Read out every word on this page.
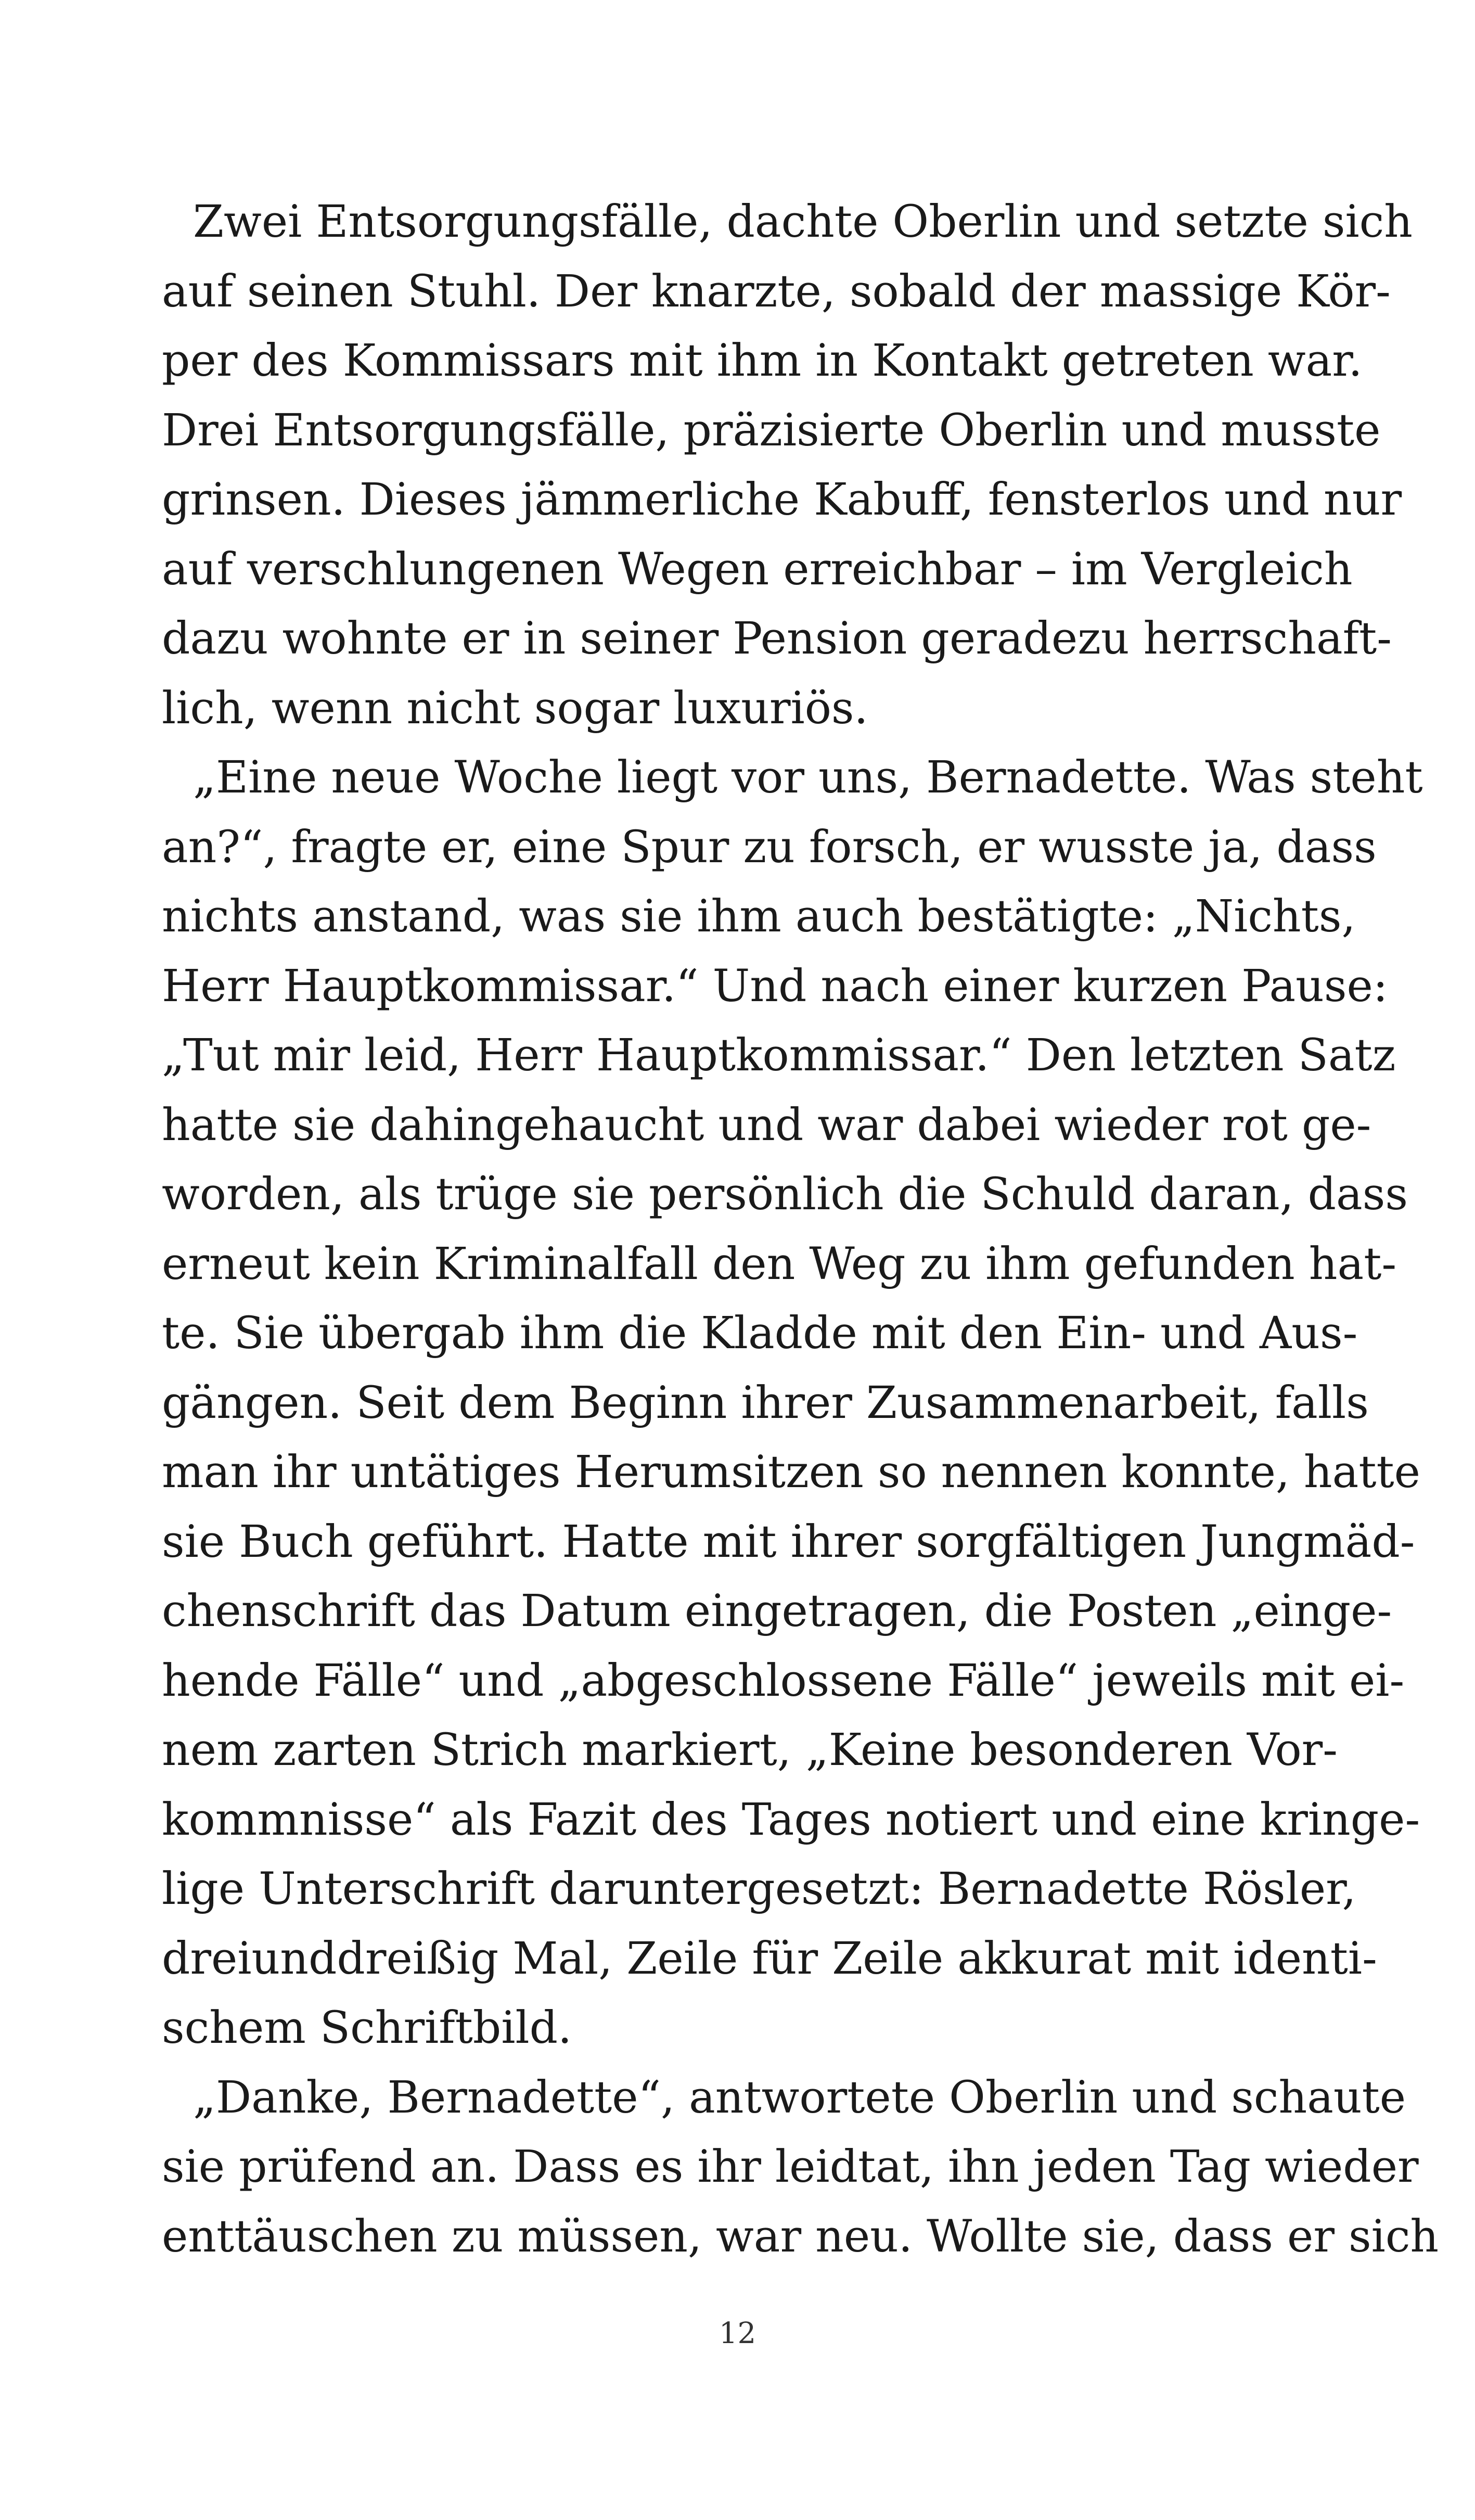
Zwei Entsorgungsfälle, dachte Oberlin und setzte sich
auf seinen Stuhl. Der knarzte, sobald der massige Kör-
per des Kommissars mit ihm in Kontakt getreten war.
Drei Entsorgungsfälle, präzisierte Oberlin und musste
grinsen. Dieses jämmerliche Kabuff, fensterlos und nur
auf verschlungenen Wegen erreichbar – im Vergleich
dazu wohnte er in seiner Pension geradezu herrschaft-
lich, wenn nicht sogar luxuriös.
„Eine neue Woche liegt vor uns, Bernadette. Was steht
an?“, fragte er, eine Spur zu forsch, er wusste ja, dass
nichts anstand, was sie ihm auch bestätigte: „Nichts,
Herr Hauptkommissar.“ Und nach einer kurzen Pause:
„Tut mir leid, Herr Hauptkommissar.“ Den letzten Satz
hatte sie dahingehaucht und war dabei wieder rot ge-
worden, als trüge sie persönlich die Schuld daran, dass
erneut kein Kriminalfall den Weg zu ihm gefunden hat-
te. Sie übergab ihm die Kladde mit den Ein- und Aus-
gängen. Seit dem Beginn ihrer Zusammenarbeit, falls
man ihr untätiges Herumsitzen so nennen konnte, hatte
sie Buch geführt. Hatte mit ihrer sorgfältigen Jungmäd-
chenschrift das Datum eingetragen, die Posten „einge-
hende Fälle“ und „abgeschlossene Fälle“ jeweils mit ei-
nem zarten Strich markiert, „Keine besonderen Vor-
kommnisse“ als Fazit des Tages notiert und eine kringe-
lige Unterschrift daruntergesetzt: Bernadette Rösler,
dreiunddreißig Mal, Zeile für Zeile akkurat mit identi-
schem Schriftbild.
„Danke, Bernadette“, antwortete Oberlin und schaute
sie prüfend an. Dass es ihr leidtat, ihn jeden Tag wieder
enttäuschen zu müssen, war neu. Wollte sie, dass er sich
12
